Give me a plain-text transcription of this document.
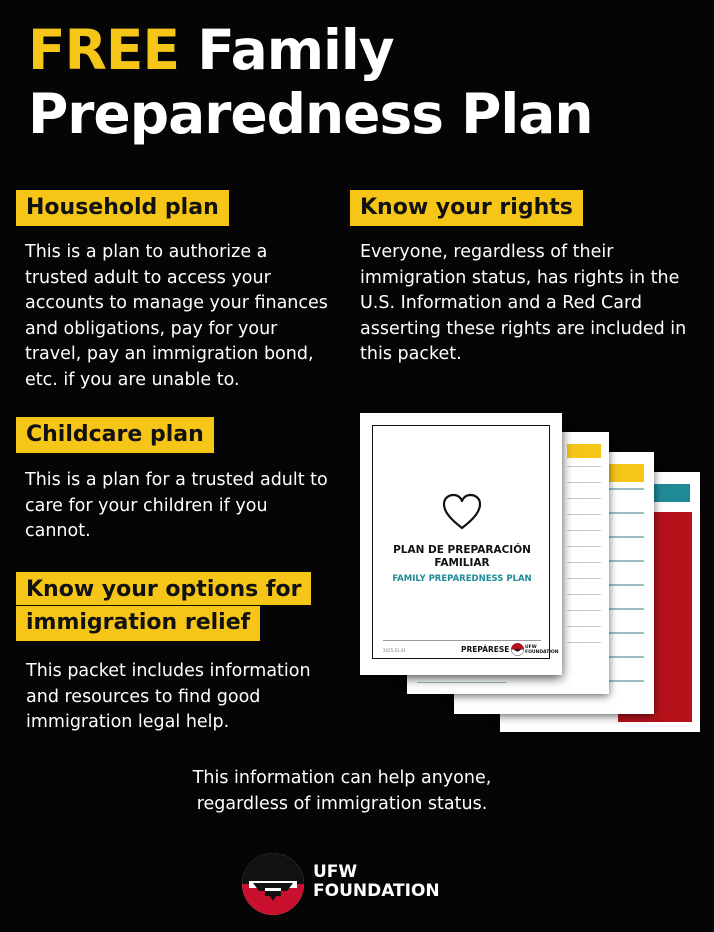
FREE Family
Preparedness Plan
Household plan
This is a plan to authorize a trusted adult to access your accounts to manage your finances and obligations, pay for your travel, pay an immigration bond, etc. if you are unable to.
Know your rights
Everyone, regardless of their immigration status, has rights in the U.S. Information and a Red Card asserting these rights are included in this packet.
Childcare plan
This is a plan for a trusted adult to care for your children if you cannot.
Know your options for
immigration relief
This packet includes information and resources to find good immigration legal help.
PLAN DE PREPARACIÓN
FAMILIAR
FAMILY PREPAREDNESS PLAN
2025.01.01	PREPÁRESE	UFW
FOUNDATION
This information can help anyone,
regardless of immigration status.
UFW
FOUNDATION
